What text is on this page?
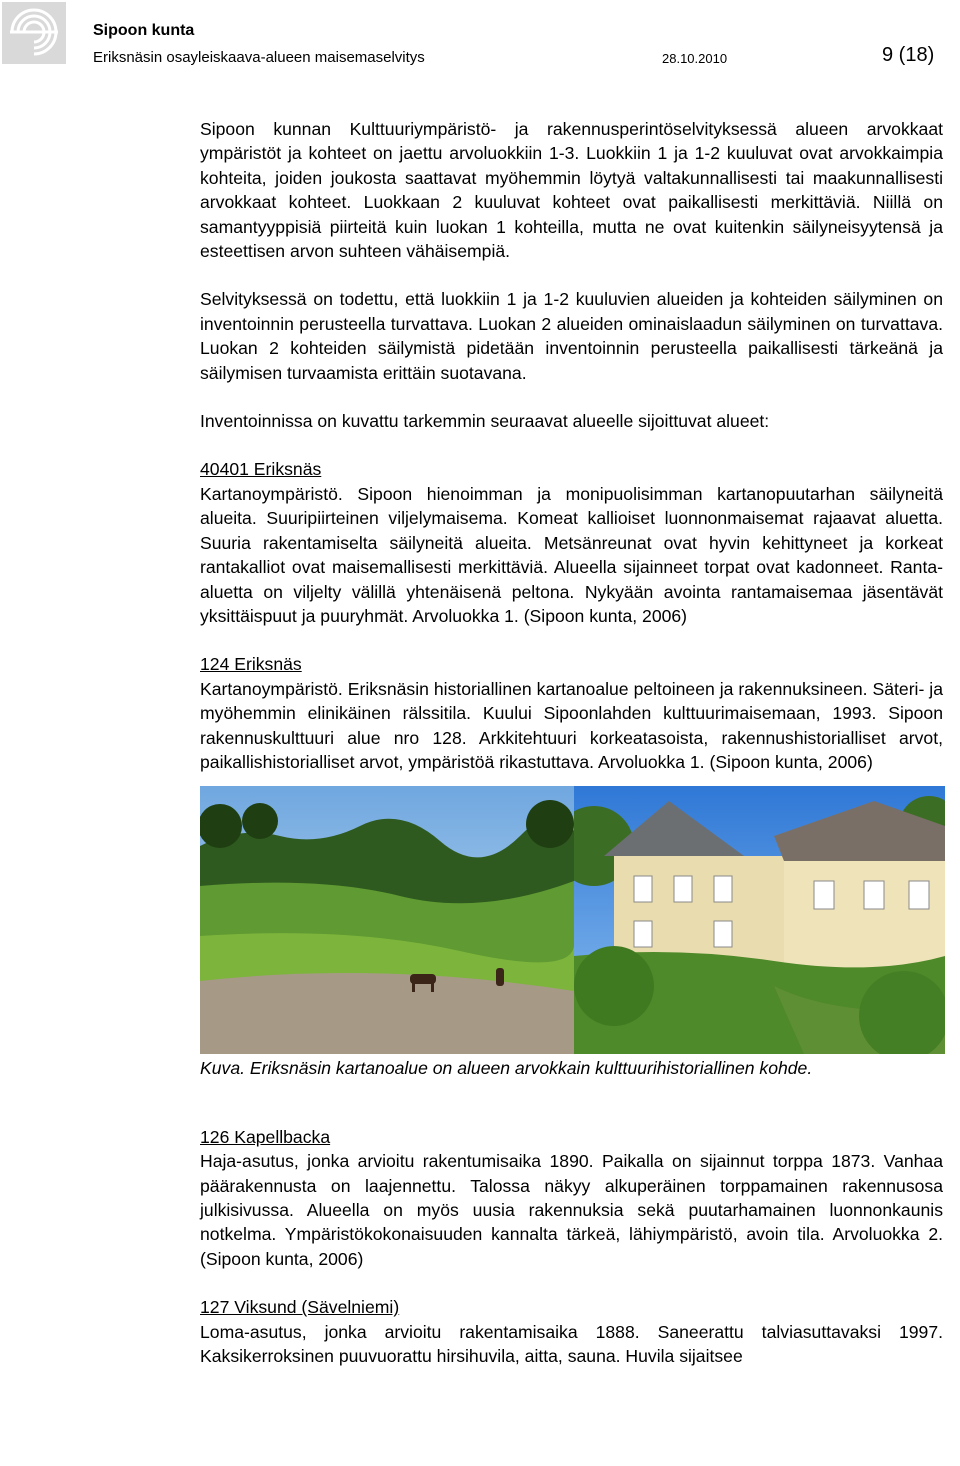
Sipoon kunta
Eriksnäsin osayleiskaava-alueen maisemaselvitys	28.10.2010	9 (18)

Sipoon kunnan Kulttuuriympäristö- ja rakennusperintöselvityksessä alueen arvokkaat ympäristöt ja kohteet on jaettu arvoluokkiin 1-3. Luokkiin 1 ja 1-2 kuuluvat ovat arvokkaimpia kohteita, joiden joukosta saattavat myöhemmin löytyä valtakunnallisesti tai maakunnallisesti arvokkaat kohteet. Luokkaan 2 kuuluvat kohteet ovat paikallisesti merkittäviä. Niillä on samantyyppisiä piirteitä kuin luokan 1 kohteilla, mutta ne ovat kuitenkin säilyneisyytensä ja esteettisen arvon suhteen vähäisempiä.

Selvityksessä on todettu, että luokkiin 1 ja 1-2 kuuluvien alueiden ja kohteiden säilyminen on inventoinnin perusteella turvattava. Luokan 2 alueiden ominaislaadun säilyminen on turvattava. Luokan 2 kohteiden säilymistä pidetään inventoinnin perusteella paikallisesti tärkeänä ja säilymisen turvaamista erittäin suotavana.

Inventoinnissa on kuvattu tarkemmin seuraavat alueelle sijoittuvat alueet:

40401 Eriksnäs

Kartanoympäristö. Sipoon hienoimman ja monipuolisimman kartanopuutarhan säilyneitä alueita. Suuripiirteinen viljelymaisema. Komeat kallioiset luonnonmaisemat rajaavat aluetta. Suuria rakentamiselta säilyneitä alueita. Metsänreunat ovat hyvin kehittyneet ja korkeat rantakalliot ovat maisemallisesti merkittäviä. Alueella sijainneet torpat ovat kadonneet. Ranta-aluetta on viljelty välillä yhtenäisenä peltona. Nykyään avointa rantamaisemaa jäsentävät yksittäispuut ja puuryhmät. Arvoluokka 1. (Sipoon kunta, 2006)

124 Eriksnäs

Kartanoympäristö. Eriksnäsin historiallinen kartanoalue peltoineen ja rakennuksineen. Säteri- ja myöhemmin elinikäinen rälssitila. Kuului Sipoonlahden kulttuurimaisemaan, 1993. Sipoon rakennuskulttuuri alue nro 128. Arkkitehtuuri korkeatasoista, rakennushistorialliset arvot, paikallishistorialliset arvot, ympäristöä rikastuttava. Arvoluokka 1. (Sipoon kunta, 2006)

Kuva. Eriksnäsin kartanoalue on alueen arvokkain kulttuurihistoriallinen kohde.
126 Kapellbacka

Haja-asutus, jonka arvioitu rakentumisaika 1890. Paikalla on sijainnut torppa 1873. Vanhaa päärakennusta on laajennettu. Talossa näkyy alkuperäinen torppamainen rakennusosa julkisivussa. Alueella on myös uusia rakennuksia sekä puutarhamainen luonnonkaunis notkelma. Ympäristökokonaisuuden kannalta tärkeä, lähiympäristö, avoin tila. Arvoluokka 2. (Sipoon kunta, 2006)

127 Viksund (Sävelniemi)

Loma-asutus, jonka arvioitu rakentamisaika 1888. Saneerattu talviasuttavaksi 1997. Kaksikerroksinen puuvuorattu hirsihuvila, aitta, sauna. Huvila sijaitsee
